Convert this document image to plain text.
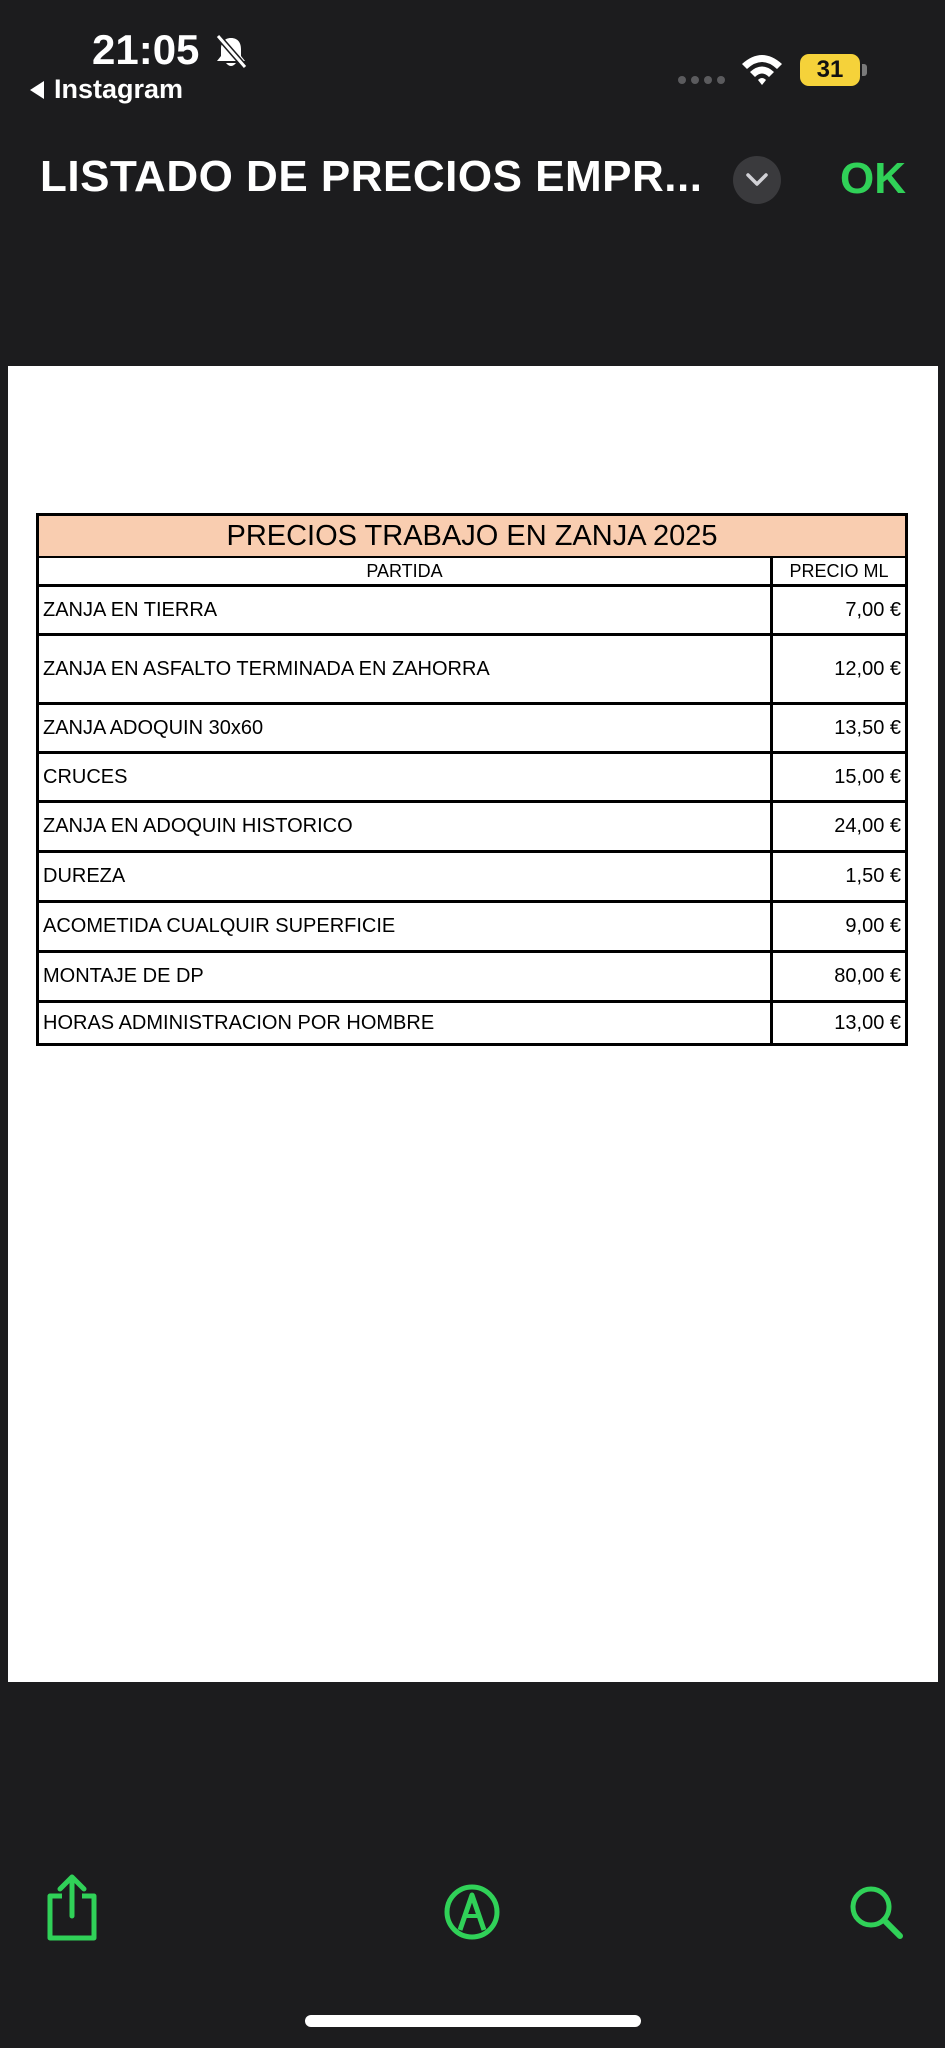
21:05
Instagram
31
LISTADO DE PRECIOS EMPR...	OK
PRECIOS TRABAJO EN ZANJA 2025
PARTIDA	PRECIO ML
ZANJA EN TIERRA	7,00 €
ZANJA EN ASFALTO TERMINADA EN ZAHORRA	12,00 €
ZANJA ADOQUIN 30x60	13,50 €
CRUCES	15,00 €
ZANJA EN ADOQUIN HISTORICO	24,00 €
DUREZA	1,50 €
ACOMETIDA CUALQUIR SUPERFICIE	9,00 €
MONTAJE DE DP	80,00 €
HORAS ADMINISTRACION POR HOMBRE	13,00 €
